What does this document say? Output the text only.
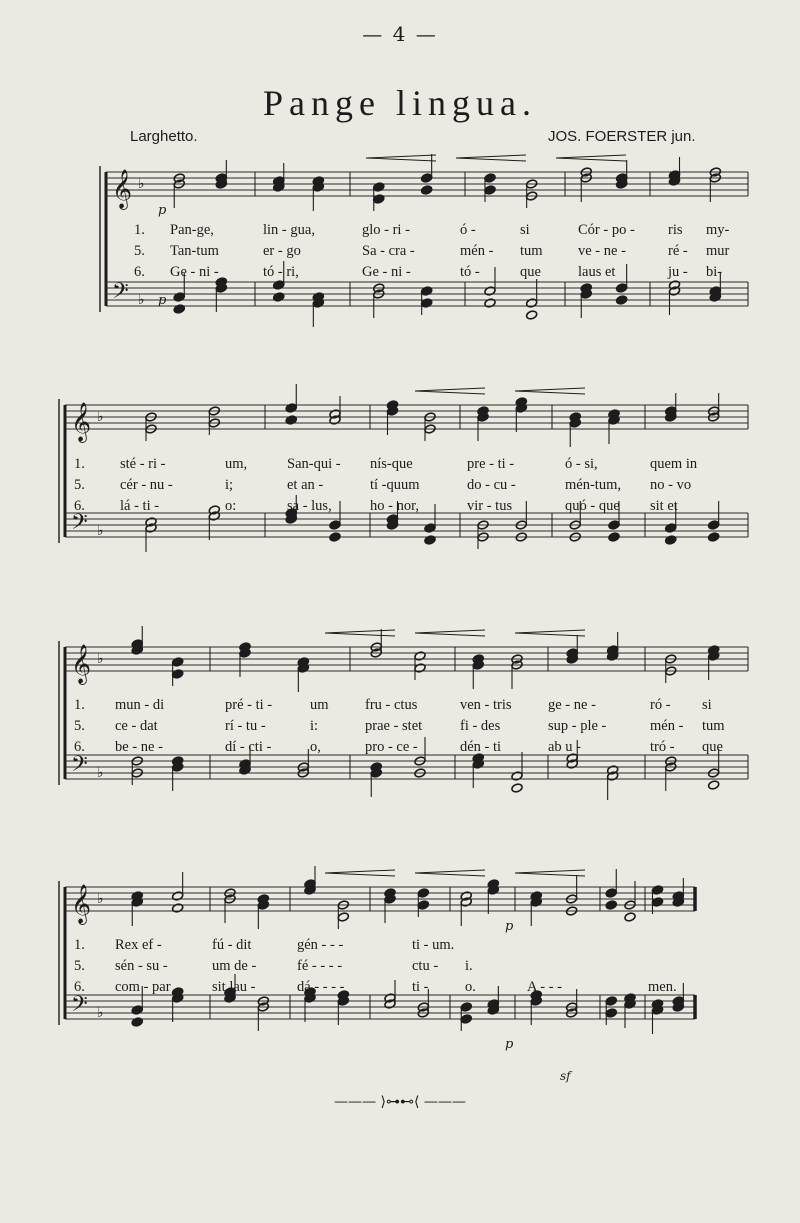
— 4 —
Pange lingua.
Larghetto.	JOS. FOERSTER jun.
𝄞 ♭
𝄢 ♭
p
p
1. Pan-ge,	lin - gua,	glo - ri -	ó -	si	Cór - po - ris my-
5. Tan-tum	er - go	Sa - cra -	mén - tum ve - ne -	ré - mur
6. Ge - ni -	tó - ri,	Ge - ni -	tó -	que	laus et	ju - bi-
𝄞 ♭
𝄢 ♭
1. sté - ri -	um,	San-qui - nís-que	pre - ti -	ó - si,	quem in
5. cér - nu -	i;	et an -	tí -quum	do - cu -	mén-tum, no - vo
6. lá - ti -	o:	sa - lus,	ho - nor,	vir - tus	quó - que sit et
𝄞 ♭
𝄢 ♭
1. mun - di	pré - ti -	um	fru - ctus	ven - tris	ge - ne -	ró - si
5. ce - dat	rí - tu -	i:	prae - stet	fi - des	sup - ple -	mén - tum
6. be - ne -	dí - cti -	o,	pro - ce -	dén - ti	ab u -	tró - que
𝄞 ♭
𝄢 ♭
p
p
sf
1. Rex ef -	fú - dit	gén - - -	ti - um.
5. sén - su -	um de -	fé - - - -	ctu - i.
6. com - par	sit lau -	dá - - - -	ti -	o.	A - - -	men.
——— ⟩⊶⊷⟨ ———
